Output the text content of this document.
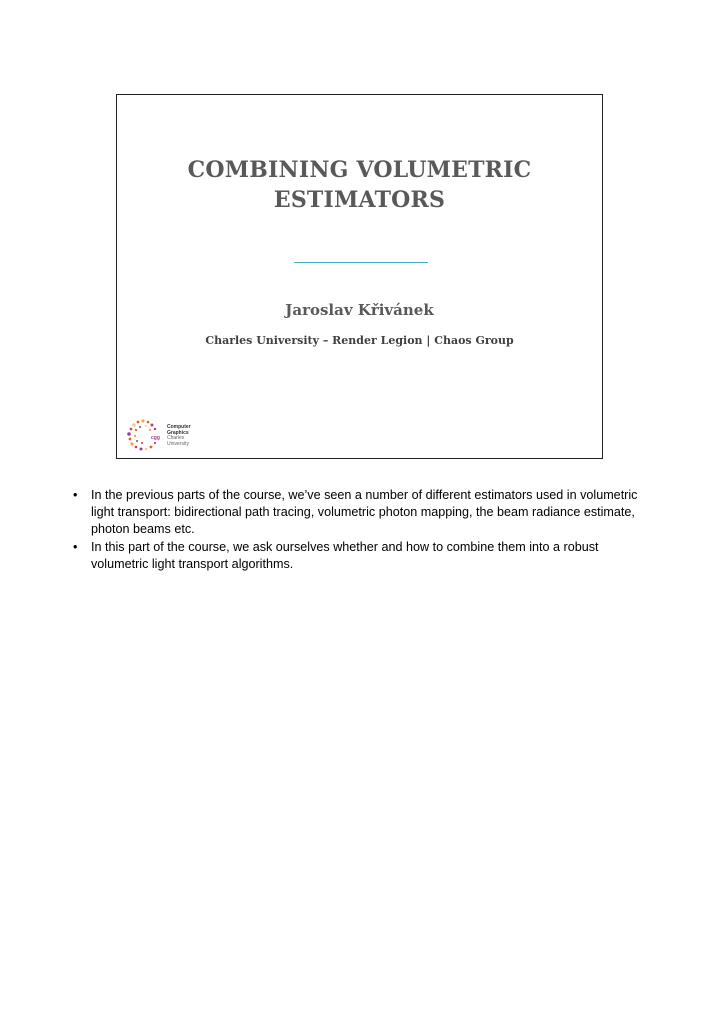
COMBINING VOLUMETRIC
ESTIMATORS
Jaroslav Křivánek
Charles University – Render Legion | Chaos Group
cgg
Computer
Graphics
Charles
University
• In the previous parts of the course, we’ve seen a number of different estimators used in volumetric light transport: bidirectional path tracing, volumetric photon mapping, the beam radiance estimate, photon beams etc.
• In this part of the course, we ask ourselves whether and how to combine them into a robust volumetric light transport algorithms.
